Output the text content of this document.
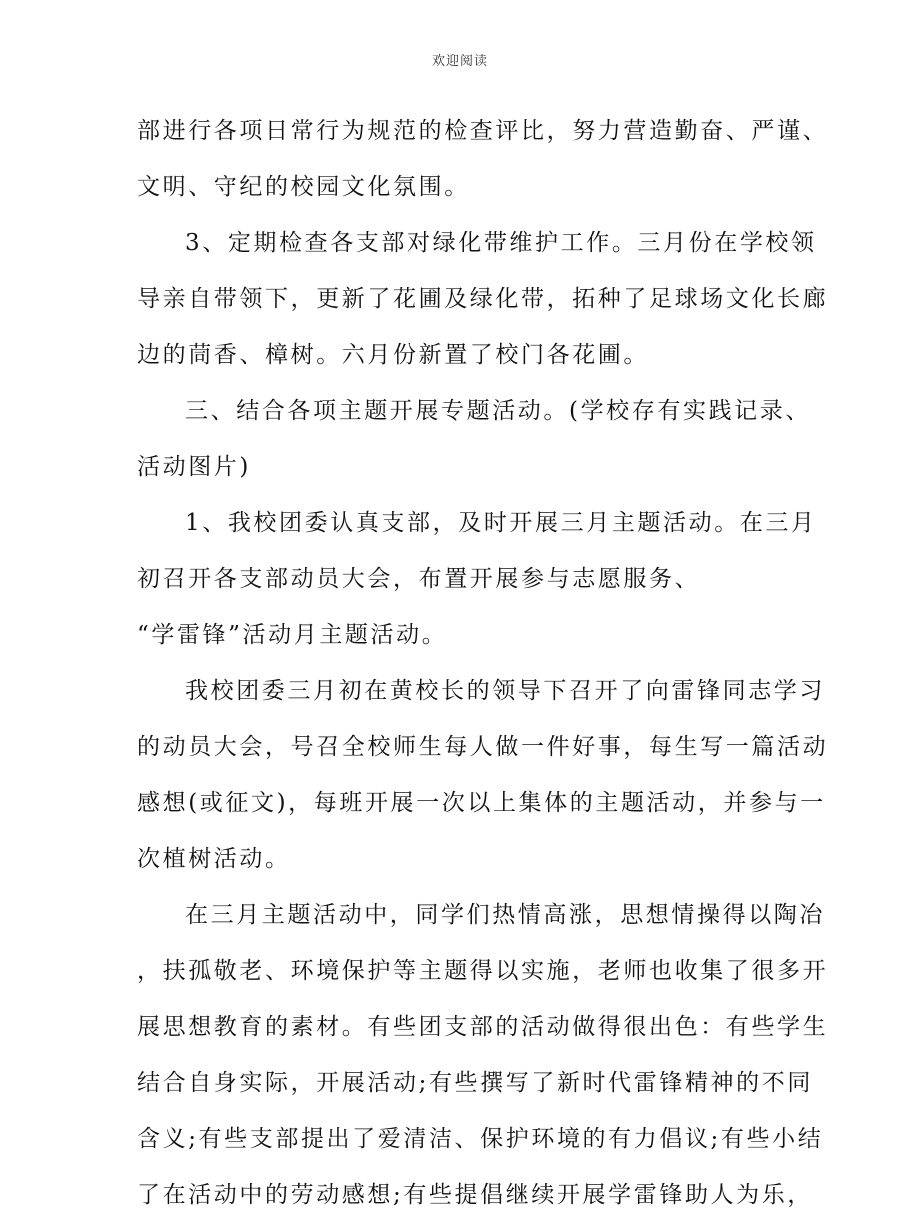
欢迎阅读
部进行各项日常行为规范的检查评比，努力营造勤奋、严谨、
文明、守纪的校园文化氛围。
3、定期检查各支部对绿化带维护工作。三月份在学校领
导亲自带领下，更新了花圃及绿化带，拓种了足球场文化长廊
边的茼香、樟树。六月份新置了校门各花圃。
三、结合各项主题开展专题活动。(学校存有实践记录、
活动图片)
1、我校团委认真支部，及时开展三月主题活动。在三月
初召开各支部动员大会，布置开展参与志愿服务、
“学雷锋”活动月主题活动。
我校团委三月初在黄校长的领导下召开了向雷锋同志学习
的动员大会，号召全校师生每人做一件好事，每生写一篇活动
感想(或征文)，每班开展一次以上集体的主题活动，并参与一
次植树活动。
在三月主题活动中，同学们热情高涨，思想情操得以陶冶
，扶孤敬老、环境保护等主题得以实施，老师也收集了很多开
展思想教育的素材。有些团支部的活动做得很出色：有些学生
结合自身实际，开展活动;有些撰写了新时代雷锋精神的不同
含义;有些支部提出了爱清洁、保护环境的有力倡议;有些小结
了在活动中的劳动感想;有些提倡继续开展学雷锋助人为乐，
